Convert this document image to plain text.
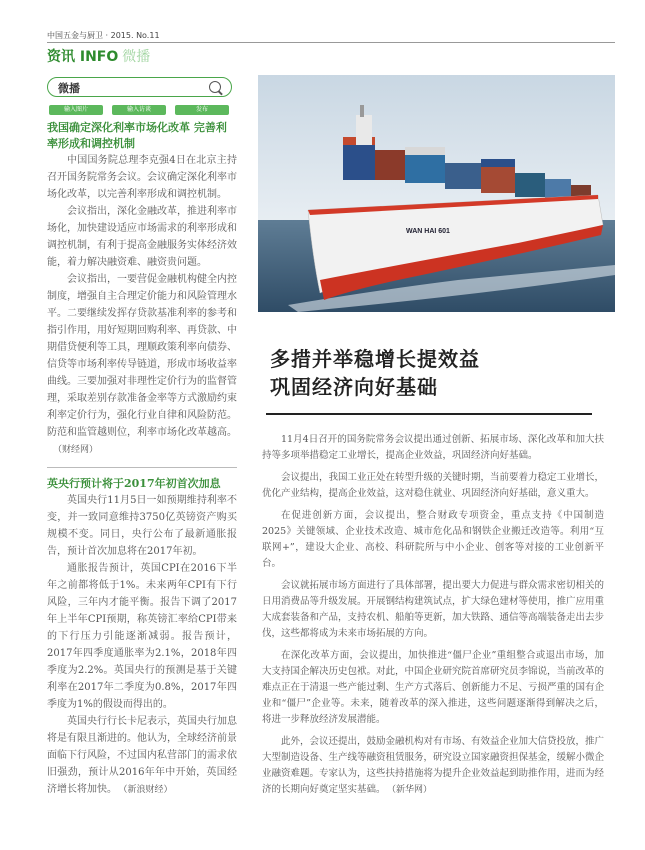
中国五金与厨卫 · 2015. No.11
资讯 INFO 微播
微播
输入图片	输入访谈	发布
我国确定深化利率市场化改革 完善利率形成和调控机制

中国国务院总理李克强4日在北京主持召开国务院常务会议。会议确定深化利率市场化改革，以完善利率形成和调控机制。

会议指出，深化金融改革，推进利率市场化，加快建设适应市场需求的利率形成和调控机制，有利于提高金融服务实体经济效能，着力解决融资难、融资贵问题。

会议指出，一要营促金融机构健全内控制度，增强自主合理定价能力和风险管理水平。二要继续发挥存贷款基准利率的参考和指引作用，用好短期回购利率、再贷款、中期借贷便利等工具，理顺政策利率向债券、信贷等市场利率传导链道，形成市场收益率曲线。三要加强对非理性定价行为的监督管理，采取差别存款准备金率等方式激励约束利率定价行为，强化行业自律和风险防范。防范和监管越则位，利率市场化改革越高。（财经网）

英央行预计将于2017年初首次加息

英国央行11月5日一如预期维持利率不变，并一致同意维持3750亿英镑资产购买规模不变。同日，央行公布了最新通胀报告，预计首次加息将在2017年初。

通胀报告预计，英国CPI在2016下半年之前都将低于1%。未来两年CPI有下行风险，三年内才能平衡。报告下调了2017年上半年CPI预期，称英镑汇率给CPI带来的下行压力引能逐渐减弱。报告预计，2017年四季度通胀率为2.1%，2018年四季度为2.2%。英国央行的预测是基于关键利率在2017年二季度为0.8%，2017年四季度为1%的假设而得出的。

英国央行行长卡尼表示，英国央行加息将是有限且渐进的。他认为，全球经济前景面临下行风险，不过国内私营部门的需求依旧强劲，预计从2016年年中开始，英国经济增长将加快。 （新浪财经）

WAN HAI 601
多措并举稳增长提效益
巩固经济向好基础

11月4日召开的国务院常务会议提出通过创新、拓展市场、深化改革和加大扶持等多项举措稳定工业增长，提高企业效益，巩固经济向好基础。

会议提出，我国工业正处在转型升级的关键时期，当前要着力稳定工业增长，优化产业结构，提高企业效益，这对稳住就业、巩固经济向好基础，意义重大。

在促进创新方面，会议提出，整合财政专项资金，重点支持《中国制造2025》关键领域、企业技术改造、城市危化品和钢铁企业搬迁改造等。利用“互联网+”，建设大企业、高校、科研院所与中小企业、创客等对接的工业创新平台。

会议就拓展市场方面进行了具体部署，提出要大力促进与群众需求密切相关的日用消费品等升级发展。开展钢结构建筑试点，扩大绿色建材等使用，推广应用重大成套装备和产品，支持农机、船舶等更新，加大铁路、通信等高端装备走出去步伐，这些都将成为未来市场拓展的方向。

在深化改革方面，会议提出，加快推进“僵尸企业”重组整合或退出市场，加大支持国企解决历史包袱。对此，中国企业研究院首席研究员李锦说，当前改革的难点正在于清退一些产能过剩、生产方式落后、创新能力不足、亏损严重的国有企业和“僵尸”企业等。未来，随着改革的深入推进，这些问题逐渐得到解决之后，将进一步释放经济发展潜能。

此外，会议还提出，鼓励金融机构对有市场、有效益企业加大信贷投放，推广大型制造设备、生产线等融资租赁服务，研究设立国家融资担保基金，缓解小微企业融资难题。专家认为，这些扶持措施将为提升企业效益起到助推作用，进而为经济的长期向好奠定坚实基础。 （新华网）
